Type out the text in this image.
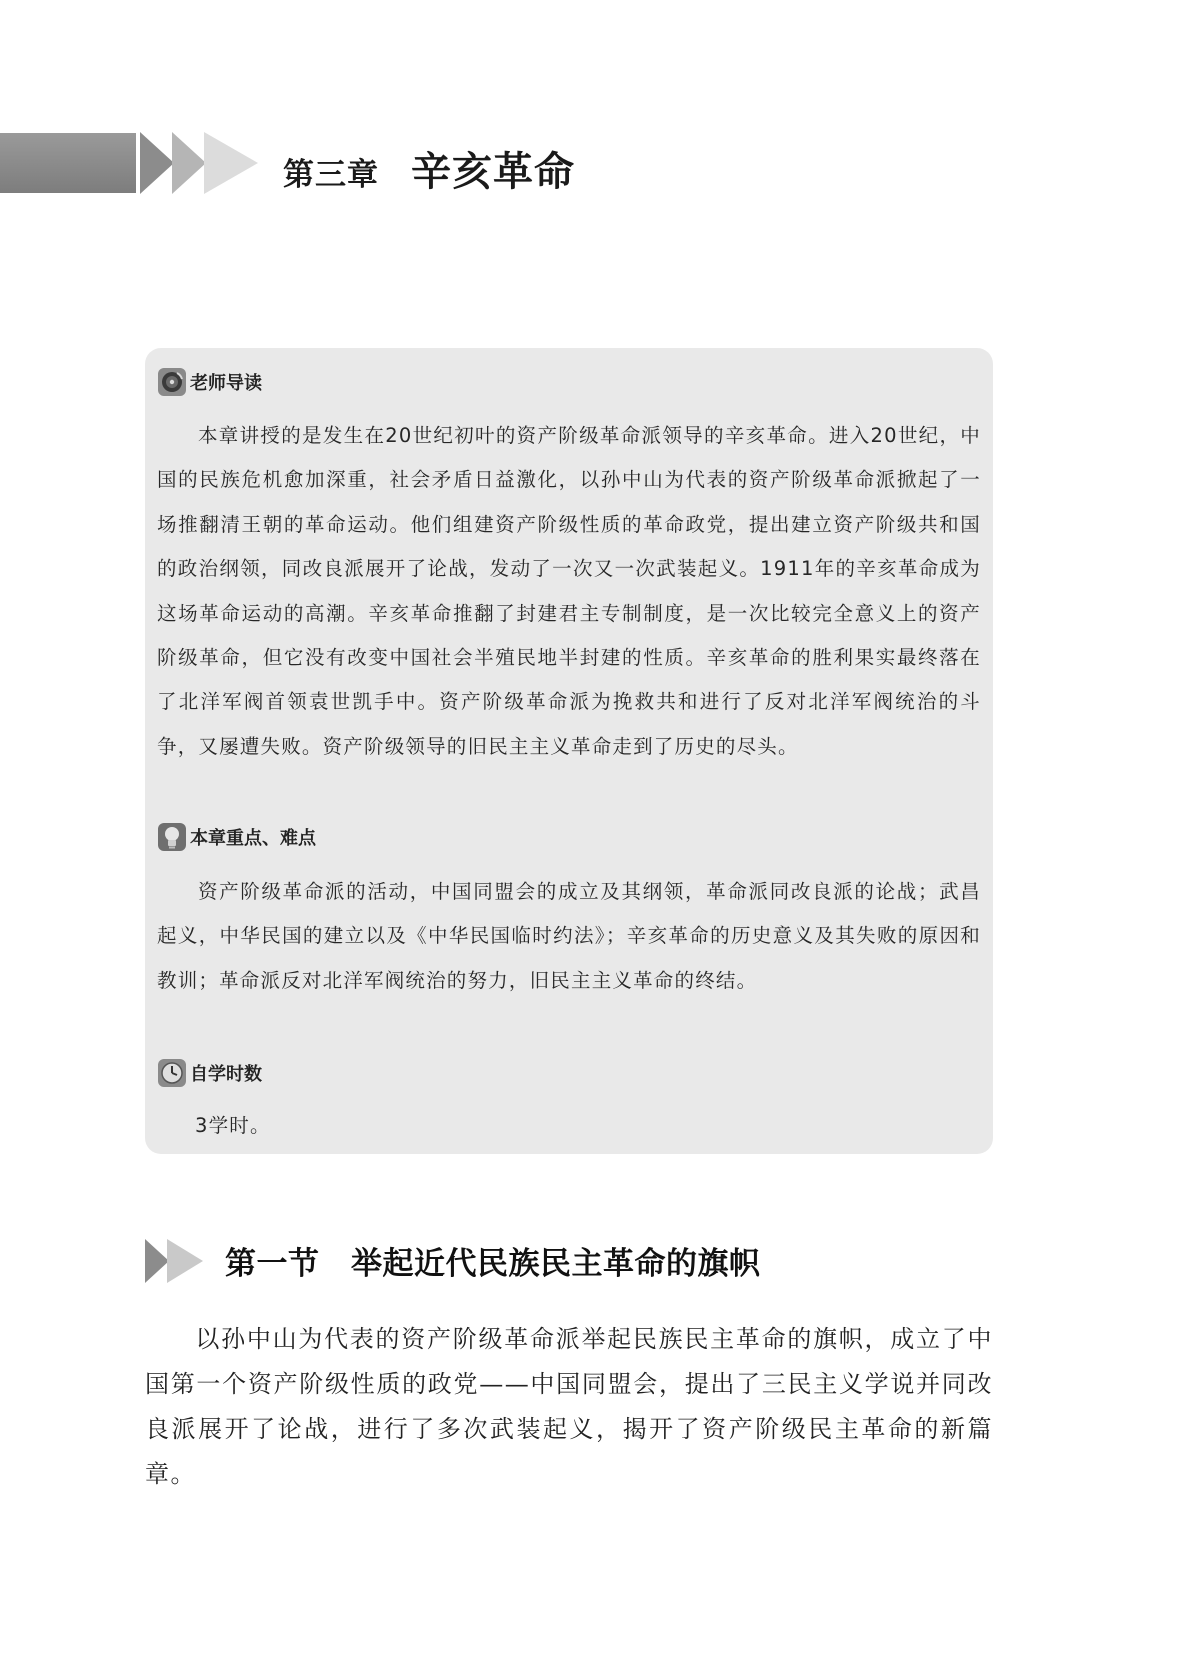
第三章 辛亥革命
老师导读

本章讲授的是发生在20世纪初叶的资产阶级革命派领导的辛亥革命。进入20世纪，中国的民族危机愈加深重，社会矛盾日益激化，以孙中山为代表的资产阶级革命派掀起了一场推翻清王朝的革命运动。他们组建资产阶级性质的革命政党，提出建立资产阶级共和国的政治纲领，同改良派展开了论战，发动了一次又一次武装起义。1911年的辛亥革命成为这场革命运动的高潮。辛亥革命推翻了封建君主专制制度，是一次比较完全意义上的资产阶级革命，但它没有改变中国社会半殖民地半封建的性质。辛亥革命的胜利果实最终落在了北洋军阀首领袁世凯手中。资产阶级革命派为挽救共和进行了反对北洋军阀统治的斗争，又屡遭失败。资产阶级领导的旧民主主义革命走到了历史的尽头。

本章重点、难点

资产阶级革命派的活动，中国同盟会的成立及其纲领，革命派同改良派的论战；武昌起义，中华民国的建立以及《中华民国临时约法》；辛亥革命的历史意义及其失败的原因和教训；革命派反对北洋军阀统治的努力，旧民主主义革命的终结。

自学时数

3学时。

第一节　举起近代民族民主革命的旗帜

以孙中山为代表的资产阶级革命派举起民族民主革命的旗帜，成立了中国第一个资产阶级性质的政党——中国同盟会，提出了三民主义学说并同改良派展开了论战，进行了多次武装起义，揭开了资产阶级民主革命的新篇章。
